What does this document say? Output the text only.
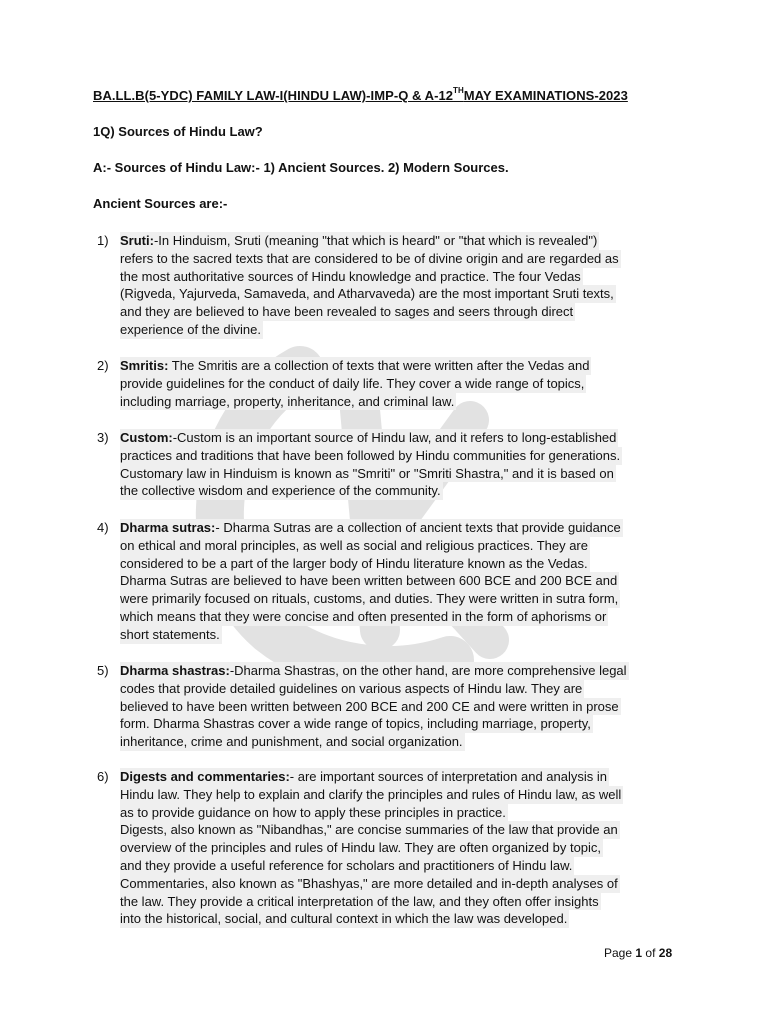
BA.LL.B(5-YDC) FAMILY LAW-I(HINDU LAW)-IMP-Q & A-12THMAY EXAMINATIONS-2023
1Q) Sources of Hindu Law?
A:- Sources of Hindu Law:- 1) Ancient Sources. 2) Modern Sources.
Ancient Sources are:-
1) Sruti:-In Hinduism, Sruti (meaning "that which is heard" or "that which is revealed")
refers to the sacred texts that are considered to be of divine origin and are regarded as
the most authoritative sources of Hindu knowledge and practice. The four Vedas
(Rigveda, Yajurveda, Samaveda, and Atharvaveda) are the most important Sruti texts,
and they are believed to have been revealed to sages and seers through direct
experience of the divine.
2) Smritis: The Smritis are a collection of texts that were written after the Vedas and
provide guidelines for the conduct of daily life. They cover a wide range of topics,
including marriage, property, inheritance, and criminal law.
3) Custom:-Custom is an important source of Hindu law, and it refers to long-established
practices and traditions that have been followed by Hindu communities for generations.
Customary law in Hinduism is known as "Smriti" or "Smriti Shastra," and it is based on
the collective wisdom and experience of the community.
4) Dharma sutras:- Dharma Sutras are a collection of ancient texts that provide guidance
on ethical and moral principles, as well as social and religious practices. They are
considered to be a part of the larger body of Hindu literature known as the Vedas.
Dharma Sutras are believed to have been written between 600 BCE and 200 BCE and
were primarily focused on rituals, customs, and duties. They were written in sutra form,
which means that they were concise and often presented in the form of aphorisms or
short statements.
5) Dharma shastras:-Dharma Shastras, on the other hand, are more comprehensive legal
codes that provide detailed guidelines on various aspects of Hindu law. They are
believed to have been written between 200 BCE and 200 CE and were written in prose
form. Dharma Shastras cover a wide range of topics, including marriage, property,
inheritance, crime and punishment, and social organization.
6) Digests and commentaries:- are important sources of interpretation and analysis in
Hindu law. They help to explain and clarify the principles and rules of Hindu law, as well
as to provide guidance on how to apply these principles in practice.
Digests, also known as "Nibandhas," are concise summaries of the law that provide an
overview of the principles and rules of Hindu law. They are often organized by topic,
and they provide a useful reference for scholars and practitioners of Hindu law.
Commentaries, also known as "Bhashyas," are more detailed and in-depth analyses of
the law. They provide a critical interpretation of the law, and they often offer insights
into the historical, social, and cultural context in which the law was developed.
Page 1 of 28
